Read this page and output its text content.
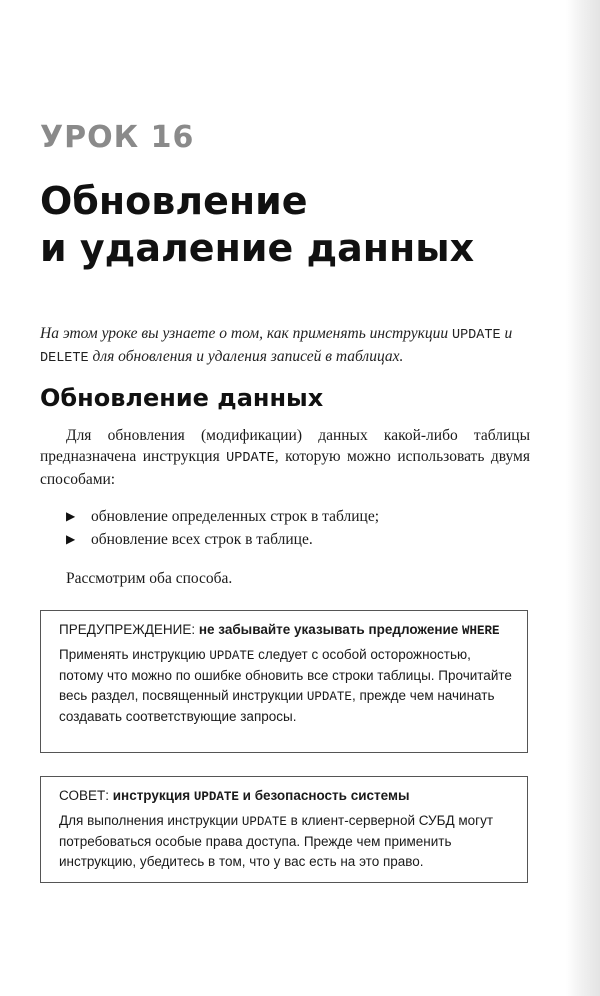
УРОК 16
Обновление
и удаление данных

На этом уроке вы узнаете о том, как применять инструкции UPDATE и DELETE для обновления и удаления записей в таблицах.

Обновление данных

Для обновления (модификации) данных какой-либо таблицы предназначена инструкция UPDATE, которую можно использовать двумя способами:

▶	обновление определенных строк в таблице;
▶	обновление всех строк в таблице.

Рассмотрим оба способа.

ПРЕДУПРЕЖДЕНИЕ: не забывайте указывать предложение WHERE

Применять инструкцию UPDATE следует с особой осторожностью, потому что можно по ошибке обновить все строки таблицы. Прочитайте весь раздел, посвященный инструкции UPDATE, прежде чем начинать создавать соответствующие запросы.

СОВЕТ: инструкция UPDATE и безопасность системы

Для выполнения инструкции UPDATE в клиент-серверной СУБД могут потребоваться особые права доступа. Прежде чем применить инструкцию, убедитесь в том, что у вас есть на это право.
